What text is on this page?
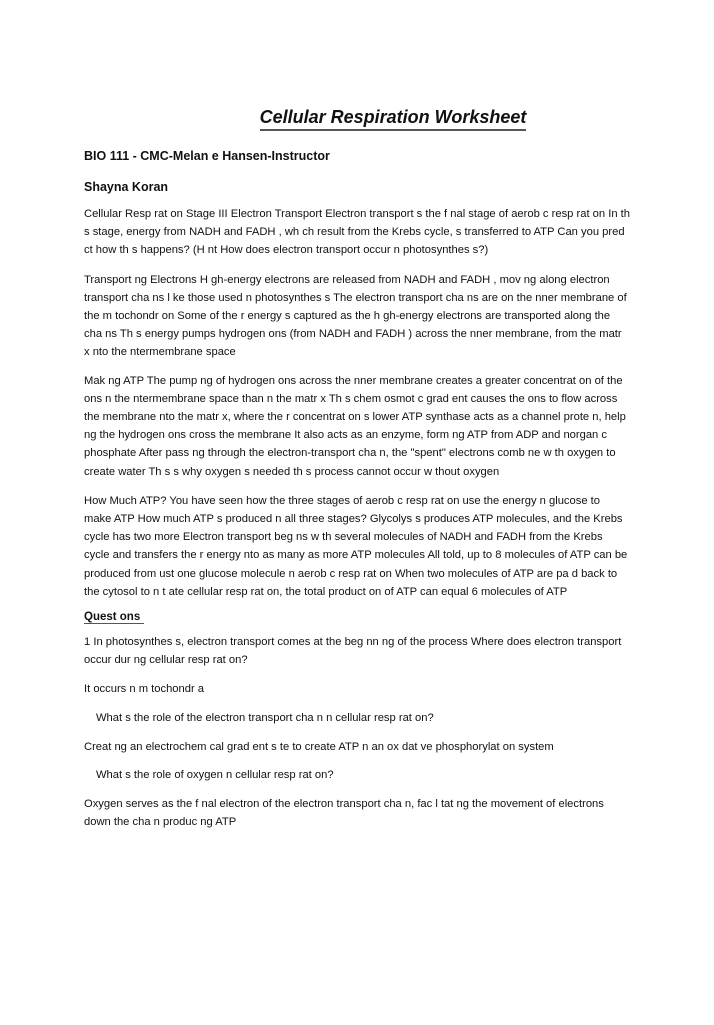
Cellular Respiration Worksheet
BIO 111 - CMC-Melan e Hansen-Instructor
Shayna Koran

Cellular Resp rat on Stage III Electron Transport Electron transport s the f nal stage of aerob c resp rat on In th s stage, energy from NADH and FADH , wh ch result from the Krebs cycle, s transferred to ATP Can you pred ct how th s happens? (H nt How does electron transport occur n photosynthes s?)

Transport ng Electrons H gh-energy electrons are released from NADH and FADH , mov ng along electron transport cha ns l ke those used n photosynthes s The electron transport cha ns are on the nner membrane of the m tochondr on Some of the r energy s captured as the h gh-energy electrons are transported along the cha ns Th s energy pumps hydrogen ons (from NADH and FADH ) across the nner membrane, from the matr x nto the ntermembrane space

Mak ng ATP The pump ng of hydrogen ons across the nner membrane creates a greater concentrat on of the ons n the ntermembrane space than n the matr x Th s chem osmot c grad ent causes the ons to flow across the membrane nto the matr x, where the r concentrat on s lower ATP synthase acts as a channel prote n, help ng the hydrogen ons cross the membrane It also acts as an enzyme, form ng ATP from ADP and norgan c phosphate After pass ng through the electron-transport cha n, the "spent" electrons comb ne w th oxygen to create water Th s s why oxygen s needed th s process cannot occur w thout oxygen

How Much ATP? You have seen how the three stages of aerob c resp rat on use the energy n glucose to make ATP How much ATP s produced n all three stages? Glycolys s produces ATP molecules, and the Krebs cycle has two more Electron transport beg ns w th several molecules of NADH and FADH from the Krebs cycle and transfers the r energy nto as many as more ATP molecules All told, up to 8 molecules of ATP can be produced from ust one glucose molecule n aerob c resp rat on When two molecules of ATP are pa d back to the cytosol to n t ate cellular resp rat on, the total product on of ATP can equal 6 molecules of ATP

Quest ons

1 In photosynthes s, electron transport comes at the beg nn ng of the process Where does electron transport occur dur ng cellular resp rat on?

It occurs n m tochondr a

What s the role of the electron transport cha n n cellular resp rat on?

Creat ng an electrochem cal grad ent s te to create ATP n an ox dat ve phosphorylat on system

What s the role of oxygen n cellular resp rat on?

Oxygen serves as the f nal electron of the electron transport cha n, fac l tat ng the movement of electrons down the cha n produc ng ATP
